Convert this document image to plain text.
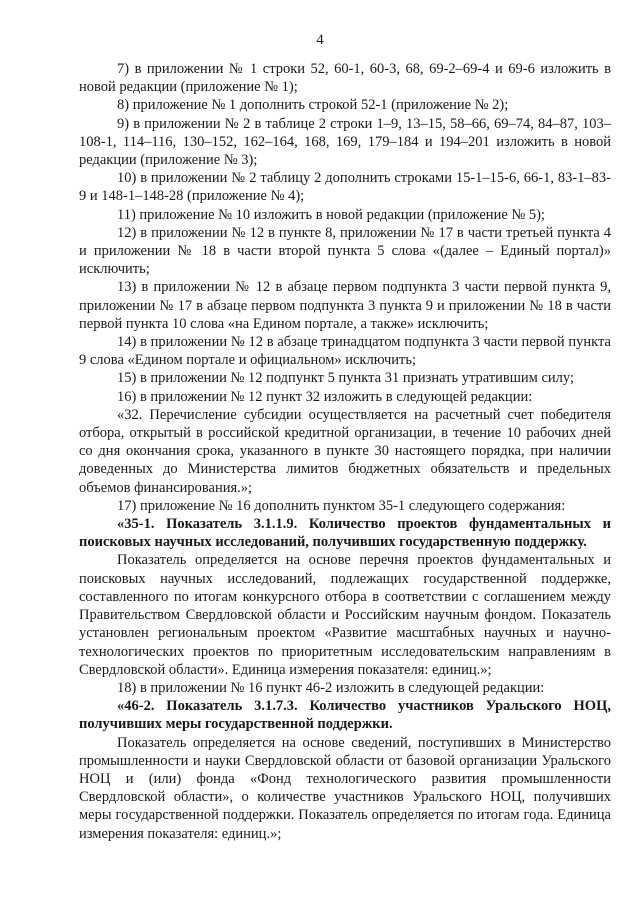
4

7) в приложении № 1 строки 52, 60-1, 60-3, 68, 69-2–69-4 и 69-6 изложить в новой редакции (приложение № 1);

8) приложение № 1 дополнить строкой 52-1 (приложение № 2);

9) в приложении № 2 в таблице 2 строки 1–9, 13–15, 58–66, 69–74, 84–87, 103–108-1, 114–116, 130–152, 162–164, 168, 169, 179–184 и 194–201 изложить в новой редакции (приложение № 3);

10) в приложении № 2 таблицу 2 дополнить строками 15-1–15-6, 66-1, 83-1–83-9 и 148-1–148-28 (приложение № 4);

11) приложение № 10 изложить в новой редакции (приложение № 5);

12) в приложении № 12 в пункте 8, приложении № 17 в части третьей пункта 4 и приложении № 18 в части второй пункта 5 слова «(далее – Единый портал)» исключить;

13) в приложении № 12 в абзаце первом подпункта 3 части первой пункта 9, приложении № 17 в абзаце первом подпункта 3 пункта 9 и приложении № 18 в части первой пункта 10 слова «на Едином портале, а также» исключить;

14) в приложении № 12 в абзаце тринадцатом подпункта 3 части первой пункта 9 слова «Едином портале и официальном» исключить;

15) в приложении № 12 подпункт 5 пункта 31 признать утратившим силу;

16) в приложении № 12 пункт 32 изложить в следующей редакции:

«32. Перечисление субсидии осуществляется на расчетный счет победителя отбора, открытый в российской кредитной организации, в течение 10 рабочих дней со дня окончания срока, указанного в пункте 30 настоящего порядка, при наличии доведенных до Министерства лимитов бюджетных обязательств и предельных объемов финансирования.»;

17) приложение № 16 дополнить пунктом 35-1 следующего содержания:

«35-1. Показатель 3.1.1.9. Количество проектов фундаментальных и поисковых научных исследований, получивших государственную поддержку.

Показатель определяется на основе перечня проектов фундаментальных и поисковых научных исследований, подлежащих государственной поддержке, составленного по итогам конкурсного отбора в соответствии с соглашением между Правительством Свердловской области и Российским научным фондом. Показатель установлен региональным проектом «Развитие масштабных научных и научно-технологических проектов по приоритетным исследовательским направлениям в Свердловской области». Единица измерения показателя: единиц.»;

18) в приложении № 16 пункт 46-2 изложить в следующей редакции:

«46-2. Показатель 3.1.7.3. Количество участников Уральского НОЦ, получивших меры государственной поддержки.

Показатель определяется на основе сведений, поступивших в Министерство промышленности и науки Свердловской области от базовой организации Уральского НОЦ и (или) фонда «Фонд технологического развития промышленности Свердловской области», о количестве участников Уральского НОЦ, получивших меры государственной поддержки. Показатель определяется по итогам года. Единица измерения показателя: единиц.»;
